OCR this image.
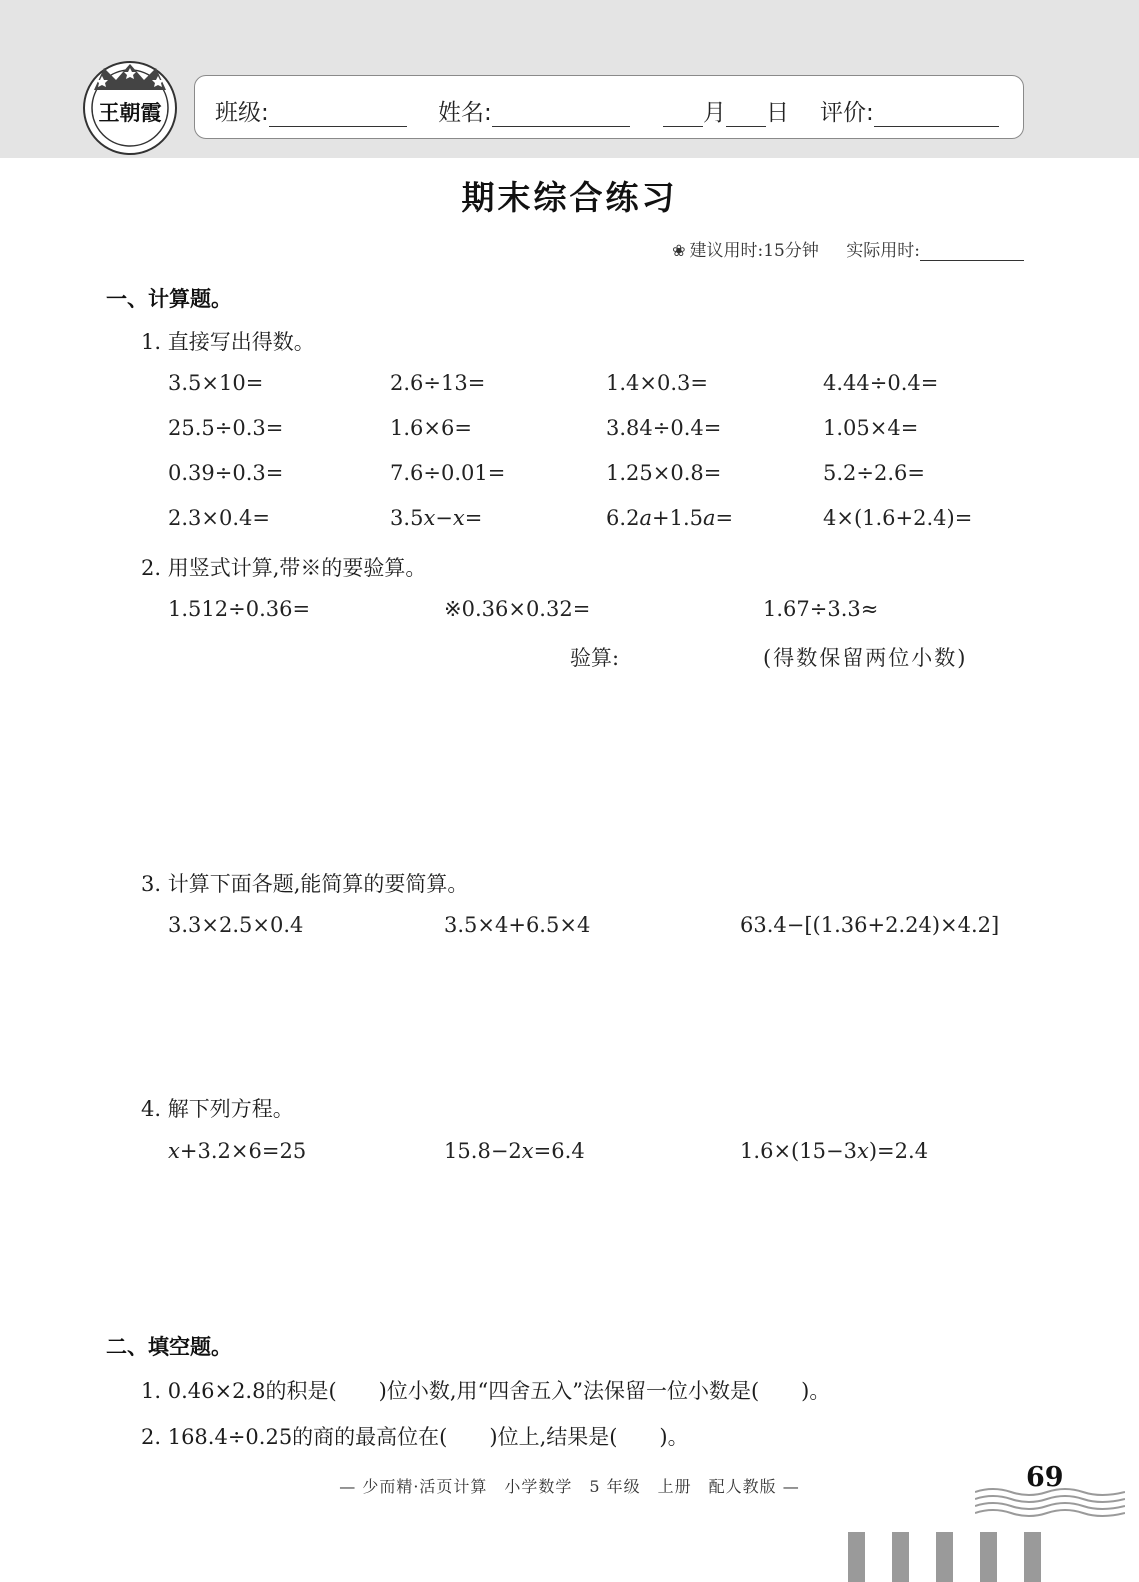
王朝霞 班级:	姓名:	月 日 评价:
期末综合练习
❀ 建议用时:15分钟 实际用时:
一、计算题。
1. 直接写出得数。
3.5×10=	2.6÷13=	1.4×0.3=	4.44÷0.4=
25.5÷0.3=	1.6×6=	3.84÷0.4=	1.05×4=
0.39÷0.3=	7.6÷0.01=	1.25×0.8=	5.2÷2.6=
2.3×0.4=	3.5x−x=	6.2a+1.5a=	4×(1.6+2.4)=
2. 用竖式计算,带※的要验算。
1.512÷0.36=	※0.36×0.32=	1.67÷3.3≈
验算:	(得数保留两位小数)
3. 计算下面各题,能简算的要简算。
3.3×2.5×0.4	3.5×4+6.5×4	63.4−[(1.36+2.24)×4.2]
4. 解下列方程。
x+3.2×6=25	15.8−2x=6.4	1.6×(15−3x)=2.4
二、填空题。
1. 0.46×2.8的积是(　　)位小数,用“四舍五入”法保留一位小数是(　　)。
2. 168.4÷0.25的商的最高位在(　　)位上,结果是(　　)。
— 少而精·活页计算　小学数学　5 年级　上册　配人教版 —	69
